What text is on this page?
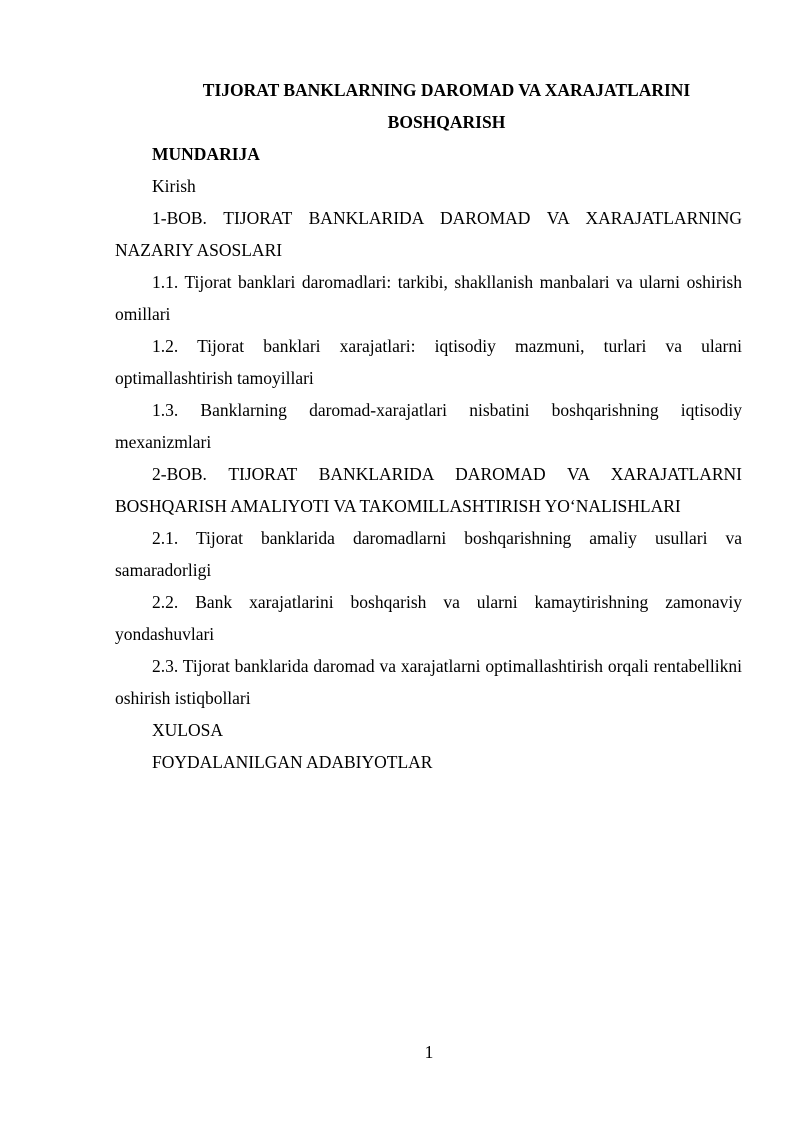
TIJORAT BANKLARNING DAROMAD VA XARAJATLARINI
BOSHQARISH

MUNDARIJA

Kirish

1-BOB. TIJORAT BANKLARIDA DAROMAD VA XARAJATLARNING NAZARIY ASOSLARI

1.1. Tijorat banklari daromadlari: tarkibi, shakllanish manbalari va ularni oshirish omillari

1.2. Tijorat banklari xarajatlari: iqtisodiy mazmuni, turlari va ularni optimallashtirish tamoyillari

1.3. Banklarning daromad-xarajatlari nisbatini boshqarishning iqtisodiy mexanizmlari

2-BOB. TIJORAT BANKLARIDA DAROMAD VA XARAJATLARNI BOSHQARISH AMALIYOTI VA TAKOMILLASHTIRISH YO‘NALISHLARI

2.1. Tijorat banklarida daromadlarni boshqarishning amaliy usullari va samaradorligi

2.2. Bank xarajatlarini boshqarish va ularni kamaytirishning zamonaviy yondashuvlari

2.3. Tijorat banklarida daromad va xarajatlarni optimallashtirish orqali rentabellikni oshirish istiqbollari

XULOSA

FOYDALANILGAN ADABIYOTLAR

1
